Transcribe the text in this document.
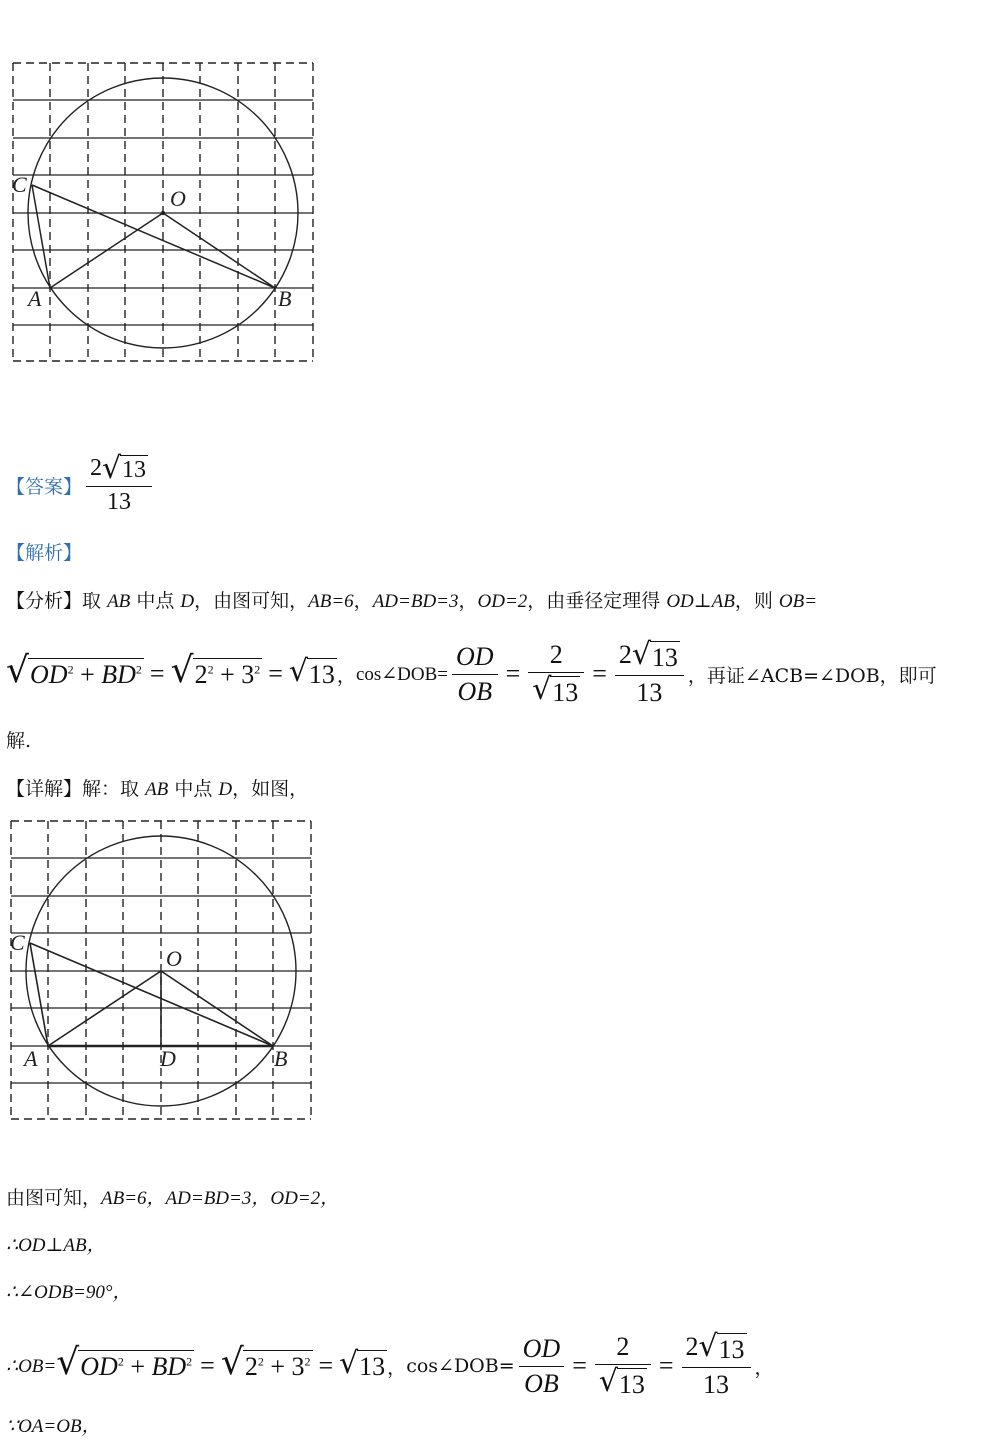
O
C
A	B
【答案】 $\frac{2 √ 13}{13}$
【解析】
【分析】取 AB 中点 D，由图可知，AB=6，AD=BD=3，OD=2，由垂径定理得 OD⊥AB，则 OB=
√ $OD^2 + BD^2$ = √ $2^2 + 3^2$ = √ 13 ， cos∠DOB= $\frac{OD}{OB} = \frac{2}{√ 13} = \frac{2 √ 13}{13}$ ，再证∠ACB=∠DOB，即可
解.
【详解】解：取 AB 中点 D，如图，
O
C
A	B
D
由图可知，AB=6，AD=BD=3，OD=2，
∴OD⊥AB，
∴∠ODB=90°，
∴OB= √ $OD^2 + BD^2$ = √ $2^2 + 3^2$ = √ 13 ， cos∠DOB= $\frac{OD}{OB} = \frac{2}{√ 13} = \frac{2 √ 13}{13}$ ，
∵OA=OB，
